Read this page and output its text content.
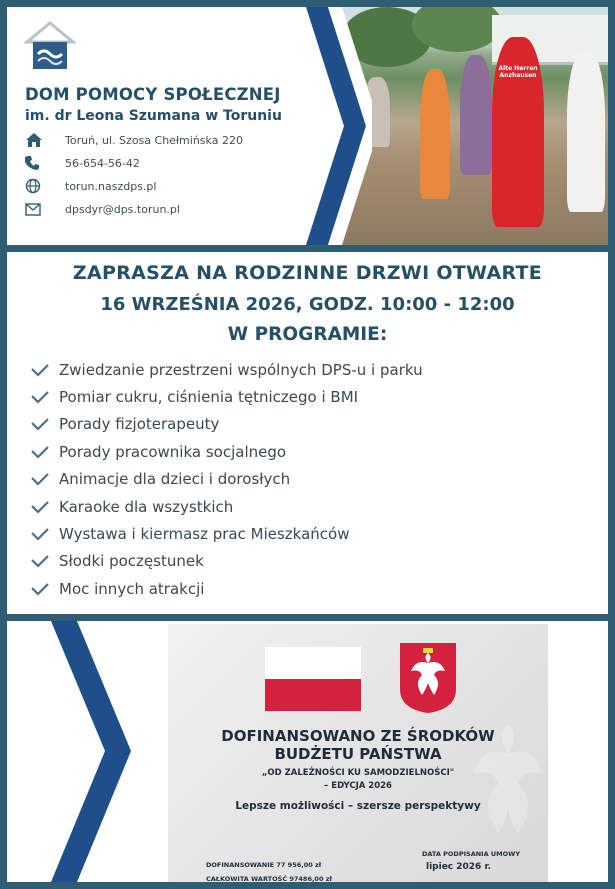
Alte Herren Anzhausen
DOM POMOCY SPOŁECZNEJ
im. dr Leona Szumana w Toruniu
Toruń, ul. Szosa Chełmińska 220
56-654-56-42
torun.naszdps.pl
dpsdyr@dps.torun.pl
ZAPRASZA NA RODZINNE DRZWI OTWARTE
16 WRZEŚNIA 2026, GODZ. 10:00 - 12:00
W PROGRAMIE:
Zwiedzanie przestrzeni wspólnych DPS-u i parku
Pomiar cukru, ciśnienia tętniczego i BMI
Porady fizjoterapeuty
Porady pracownika socjalnego
Animacje dla dzieci i dorosłych
Karaoke dla wszystkich
Wystawa i kiermasz prac Mieszkańców
Słodki poczęstunek
Moc innych atrakcji
DOFINANSOWANO ZE ŚRODKÓW
BUDŻETU PAŃSTWA
„OD ZALEŻNOŚCI KU SAMODZIELNOŚCI"
– EDYCJA 2026
Lepsze możliwości – szersze perspektywy
DOFINANSOWANIE 77 956,00 zł
CAŁKOWITA WARTOŚĆ 97486,00 zł
DATA PODPISANIA UMOWY
lipiec 2026 r.
